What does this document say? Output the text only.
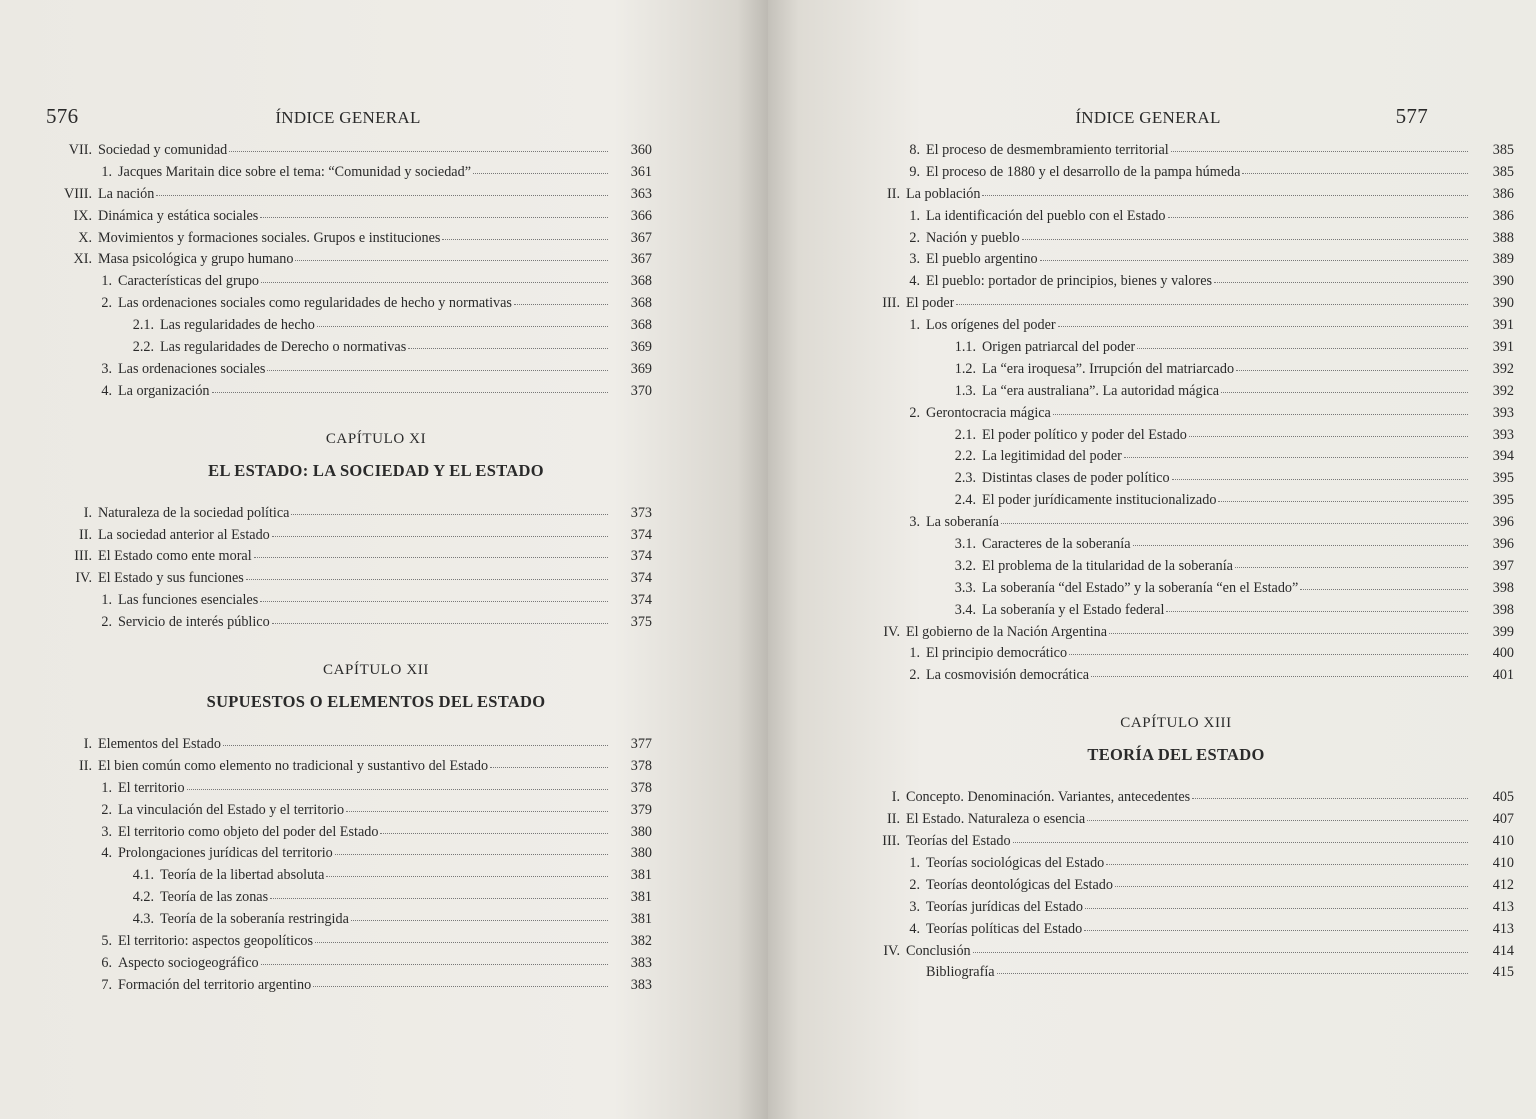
576	ÍNDICE GENERAL
VII. Sociedad y comunidad	360
1. Jacques Maritain dice sobre el tema: “Comunidad y sociedad”	361
VIII. La nación	363
IX. Dinámica y estática sociales	366
X. Movimientos y formaciones sociales. Grupos e instituciones	367
XI. Masa psicológica y grupo humano	367
1. Características del grupo	368
2. Las ordenaciones sociales como regularidades de hecho y normativas	368
2.1. Las regularidades de hecho	368
2.2. Las regularidades de Derecho o normativas	369
3. Las ordenaciones sociales	369
4. La organización	370
CAPÍTULO XI
EL ESTADO: LA SOCIEDAD Y EL ESTADO
I. Naturaleza de la sociedad política	373
II. La sociedad anterior al Estado	374
III. El Estado como ente moral	374
IV. El Estado y sus funciones	374
1. Las funciones esenciales	374
2. Servicio de interés público	375
CAPÍTULO XII
SUPUESTOS O ELEMENTOS DEL ESTADO
I. Elementos del Estado	377
II. El bien común como elemento no tradicional y sustantivo del Estado	378
1. El territorio	378
2. La vinculación del Estado y el territorio	379
3. El territorio como objeto del poder del Estado	380
4. Prolongaciones jurídicas del territorio	380
4.1. Teoría de la libertad absoluta	381
4.2. Teoría de las zonas	381
4.3. Teoría de la soberanía restringida	381
5. El territorio: aspectos geopolíticos	382
6. Aspecto sociogeográfico	383
7. Formación del territorio argentino	383
ÍNDICE GENERAL	577
8. El proceso de desmembramiento territorial	385
9. El proceso de 1880 y el desarrollo de la pampa húmeda	385
II. La población	386
1. La identificación del pueblo con el Estado	386
2. Nación y pueblo	388
3. El pueblo argentino	389
4. El pueblo: portador de principios, bienes y valores	390
III. El poder	390
1. Los orígenes del poder	391
1.1. Origen patriarcal del poder	391
1.2. La “era iroquesa”. Irrupción del matriarcado	392
1.3. La “era australiana”. La autoridad mágica	392
2. Gerontocracia mágica	393
2.1. El poder político y poder del Estado	393
2.2. La legitimidad del poder	394
2.3. Distintas clases de poder político	395
2.4. El poder jurídicamente institucionalizado	395
3. La soberanía	396
3.1. Caracteres de la soberanía	396
3.2. El problema de la titularidad de la soberanía	397
3.3. La soberanía “del Estado” y la soberanía “en el Estado”	398
3.4. La soberanía y el Estado federal	398
IV. El gobierno de la Nación Argentina	399
1. El principio democrático	400
2. La cosmovisión democrática	401
CAPÍTULO XIII
TEORÍA DEL ESTADO
I. Concepto. Denominación. Variantes, antecedentes	405
II. El Estado. Naturaleza o esencia	407
III. Teorías del Estado	410
1. Teorías sociológicas del Estado	410
2. Teorías deontológicas del Estado	412
3. Teorías jurídicas del Estado	413
4. Teorías políticas del Estado	413
IV. Conclusión	414
Bibliografía	415
